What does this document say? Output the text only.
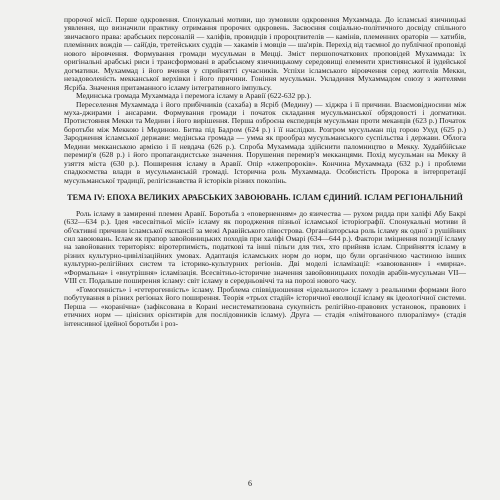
пророчої місії. Перше одкровення. Спонукальні мотиви, що зумовили одкровення Мухаммада. До ісламські язичницькі уявлення, що визначили практику отримання пророчих одкровень. Засвоєння соціально-політичного досвіду спільного звичаєвого права: арабських персоналій — халіфів, провидців і пророцтвителів — камінів, племенних ораторів — хатибів, племінних вождів — сайїдів, третейських суддів — хакамів і мовців — ша'ирів. Перехід від таємної до публічної проповіді нового віровчення. Формування громади мусульман в Мецці. Зміст першопочаткових проповідей Мухаммада: їх оригінальні арабські риси і трансформовані в арабському язичницькому середовищі елементи християнської й іудейської догматики. Мухаммад і його вчення у сприйнятті сучасників. Успіхи ісламського віровчення серед жителів Мекки, незадоволеність мекканської верхівки і його причини. Гоніння мусульман. Укладення Мухаммадом союзу з жителями Ясріба. Значення притаманного ісламу інтегративного імпульсу.

Мединська громада Мухаммада і перемога ісламу в Аравії (622-632 рр.).

Переселення Мухаммада і його прибічників (сахаба) в Ясріб (Медину) — хіджра і її причини. Взаємовідносини між муха-джирами і ансарами. Формування громади і початок складання мусульманської обрядовості і догматики. Протистояння Мекки та Медини і його вирішення. Перша озброєна експедиція мусульман проти меканців (623 р.) Початок боротьби між Меккою і Мединою. Битва під Бадром (624 р.) і її наслідки. Розгром мусульман під горою Ухуд (625 р.) Зародження ісламської держави: медінська громада — умма як прообраз мусульманського суспільства і держави. Облога Медини мекканською армією і її невдача (626 р.). Спроба Мухаммада здійснити паломництво в Мекку. Худайбійське перемир'я (628 р.) і його пропагандистське значення. Порушення перемир'я мекканцями. Похід мусульман на Мекку й узяття міста (630 р.). Поширення ісламу в Аравії. Опір «лжепророків». Кончина Мухаммада (632 р.) і проблеми спадкоємства влади в мусульманській громаді. Історична роль Мухаммада. Особистість Пророка в інтерпретації мусульманської традиції, релігієзнавства й історіків різних поколінь.

ТЕМА IV: ЕПОХА ВЕЛИКИХ АРАБСЬКИХ ЗАВОЮВАНЬ. ІСЛАМ ЄДИНИЙ. ІСЛАМ РЕГІОНАЛЬНИЙ

Роль ісламу в замиренні племен Аравії. Боротьба з «поверненням» до язичества — рухом ридда при халіфі Абу Бакрі (632—634 р.). Ідея «всесвітньої місії» ісламу як породження пізньої ісламської історіографії. Спонукальні мотиви й об'єктивні причини ісламської експансії за межі Аравійського півострова. Організаторська роль ісламу як одної з рушійних сил завоювань. Іслам як прапор завойовницьких походів при халіфі Омарі (634—644 р.). Фактори зміцнення позиції ісламу на завойованих територіях: віротерпимість, податкові та інші пільги для тих, хто прийняв іслам. Сприйняття ісламу в різних культурно-цивілізаційних умовах. Адаптація ісламських норм до норм, що були органічною частиною інших культурно-релігійних систем та історико-культурних регіонів. Дві моделі ісламізації: «завоювання» і «мирна». «Формальна» і «внутрішня» ісламізація. Всесвітньо-історичне значення завойовницьких походів арабів-мусульман VII—VIII ст. Подальше поширення ісламу: світ ісламу в середньовіччі та на порозі нового часу.

«Гомогенність» і «гетерогенність» ісламу. Проблема співвідношення «ідеального» ісламу з реальними формами його побутування в різних регіонах його поширення. Теорія «трьох стадій» історичної еволюції ісламу як ідеологічної системи. Перша — «коранічна» (зафіксована в Корані несистематизована сукупність релігійно-правових установок, правових і етичних норм — цінісних орієнтирів для послідовників ісламу). Друга — стадія «лімітованого плюралізму» (стадія інтенсивної ідейної боротьби і роз-

6
